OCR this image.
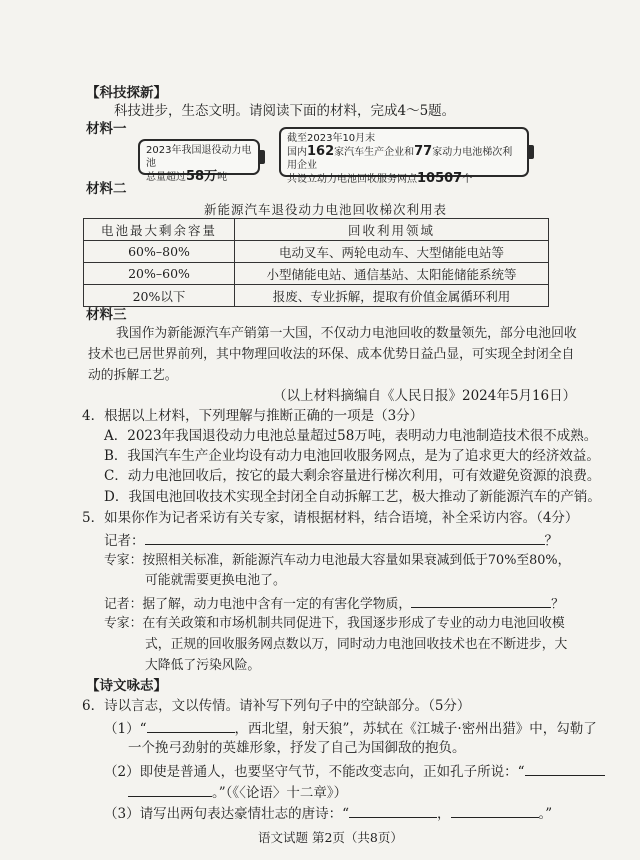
【科技探新】
科技进步，生态文明。请阅读下面的材料，完成4～5题。
材料一
2023年我国退役动力电池
总量超过58万吨
截至2023年10月末
国内162家汽车生产企业和77家动力电池梯次利用企业
共设立动力电池回收服务网点10507个
材料二
新能源汽车退役动力电池回收梯次利用表
电池最大剩余容量	回收利用领域
60%–80%	电动叉车、两轮电动车、大型储能电站等
20%–60%	小型储能电站、通信基站、太阳能储能系统等
20%以下	报废、专业拆解，提取有价值金属循环利用
材料三
我国作为新能源汽车产销第一大国，不仅动力电池回收的数量领先，部分电池回收
技术也已居世界前列，其中物理回收法的环保、成本优势日益凸显，可实现全封闭全自
动的拆解工艺。
（以上材料摘编自《人民日报》2024年5月16日）
4．根据以上材料，下列理解与推断正确的一项是（3分）
A．2023年我国退役动力电池总量超过58万吨，表明动力电池制造技术很不成熟。
B．我国汽车生产企业均设有动力电池回收服务网点，是为了追求更大的经济效益。
C．动力电池回收后，按它的最大剩余容量进行梯次利用，可有效避免资源的浪费。
D．我国电池回收技术实现全封闭全自动拆解工艺，极大推动了新能源汽车的产销。
5．如果你作为记者采访有关专家，请根据材料，结合语境，补全采访内容。（4分）
记者：	？
专家：按照相关标准，新能源汽车动力电池最大容量如果衰减到低于70%至80%，
可能就需要更换电池了。
记者：据了解，动力电池中含有一定的有害化学物质，	？
专家：在有关政策和市场机制共同促进下，我国逐步形成了专业的动力电池回收模
式，正规的回收服务网点数以万，同时动力电池回收技术也在不断进步，大
大降低了污染风险。
【诗文咏志】
6．诗以言志，文以传情。请补写下列句子中的空缺部分。（5分）
（1）“	，西北望，射天狼”，苏轼在《江城子·密州出猎》中，勾勒了
一个挽弓劲射的英雄形象，抒发了自己为国御敌的抱负。
（2）即使是普通人，也要坚守气节，不能改变志向，正如孔子所说：“
。”（《〈论语〉十二章》）
（3）请写出两句表达豪情壮志的唐诗：“	，	。”
语文试题 第2页（共8页）
